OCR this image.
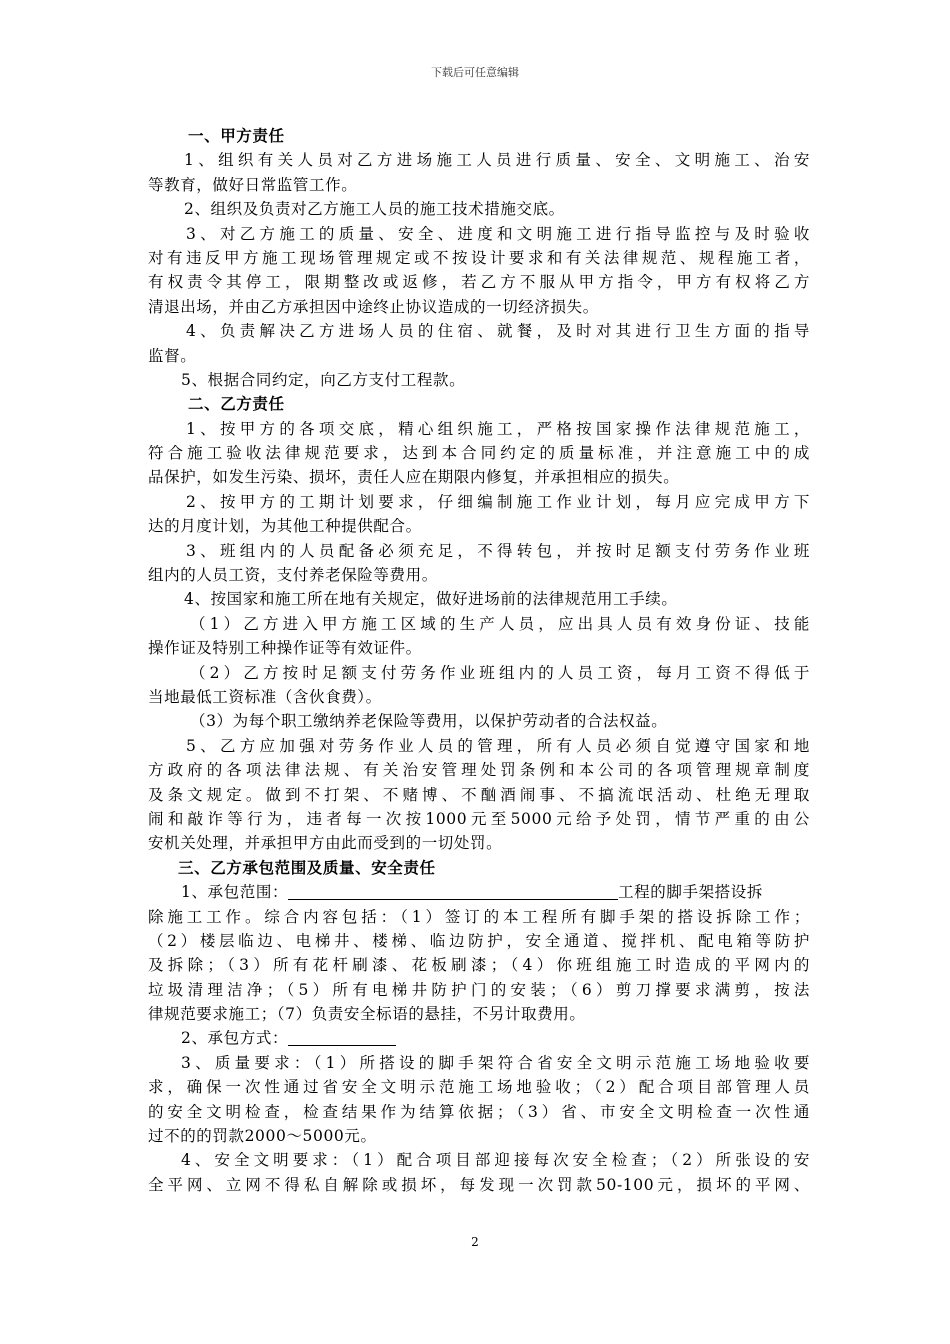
下载后可任意编辑
一、甲方责任
1、组织有关人员对乙方进场施工人员进行质量、安全、文明施工、治安
等教育，做好日常监管工作。
2、组织及负责对乙方施工人员的施工技术措施交底。
3、对乙方施工的质量、安全、进度和文明施工进行指导监控与及时验收
对有违反甲方施工现场管理规定或不按设计要求和有关法律规范、规程施工者，
有权责令其停工，限期整改或返修，若乙方不服从甲方指令，甲方有权将乙方
清退出场，并由乙方承担因中途终止协议造成的一切经济损失。
4、负责解决乙方进场人员的住宿、就餐，及时对其进行卫生方面的指导
监督。
5、根据合同约定，向乙方支付工程款。
二、乙方责任
1、按甲方的各项交底，精心组织施工，严格按国家操作法律规范施工，
符合施工验收法律规范要求，达到本合同约定的质量标准，并注意施工中的成
品保护，如发生污染、损坏，责任人应在期限内修复，并承担相应的损失。
2、按甲方的工期计划要求，仔细编制施工作业计划，每月应完成甲方下
达的月度计划，为其他工种提供配合。
3、班组内的人员配备必须充足，不得转包，并按时足额支付劳务作业班
组内的人员工资，支付养老保险等费用。
4、按国家和施工所在地有关规定，做好进场前的法律规范用工手续。
（1）乙方进入甲方施工区域的生产人员，应出具人员有效身份证、技能
操作证及特别工种操作证等有效证件。
（2）乙方按时足额支付劳务作业班组内的人员工资，每月工资不得低于
当地最低工资标准（含伙食费）。
（3）为每个职工缴纳养老保险等费用，以保护劳动者的合法权益。
5、乙方应加强对劳务作业人员的管理，所有人员必须自觉遵守国家和地
方政府的各项法律法规、有关治安管理处罚条例和本公司的各项管理规章制度
及条文规定。做到不打架、不赌博、不酗酒闹事、不搞流氓活动、杜绝无理取
闹和敲诈等行为，违者每一次按1000元至5000元给予处罚，情节严重的由公
安机关处理，并承担甲方由此而受到的一切处罚。
三、乙方承包范围及质量、安全责任
1、承包范围：	工程的脚手架搭设拆
除施工工作。综合内容包括：（1）签订的本工程所有脚手架的搭设拆除工作；
（2）楼层临边、电梯井、楼梯、临边防护，安全通道、搅拌机、配电箱等防护
及拆除；（3）所有花杆刷漆、花板刷漆；（4）你班组施工时造成的平网内的
垃圾清理洁净；（5）所有电梯井防护门的安装；（6）剪刀撑要求满剪，按法
律规范要求施工；（7）负责安全标语的悬挂，不另计取费用。
2、承包方式：
3、质量要求：（1）所搭设的脚手架符合省安全文明示范施工场地验收要
求，确保一次性通过省安全文明示范施工场地验收；（2）配合项目部管理人员
的安全文明检查，检查结果作为结算依据；（3）省、市安全文明检查一次性通
过不的的罚款2000～5000元。
4、安全文明要求：（1）配合项目部迎接每次安全检查；（2）所张设的安
全平网、立网不得私自解除或损坏，每发现一次罚款50-100元，损坏的平网、
2
